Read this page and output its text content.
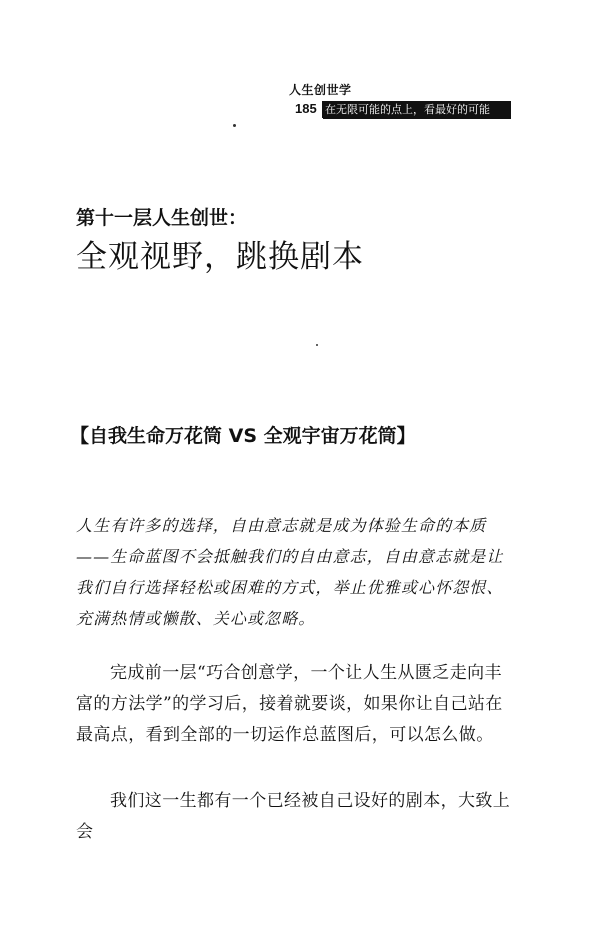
人生创世学
185 在无限可能的点上，看最好的可能
第十一层人生创世：
全观视野，跳换剧本
【自我生命万花筒 VS 全观宇宙万花筒】

人生有许多的选择，自由意志就是成为体验生命的本质——生命蓝图不会抵触我们的自由意志，自由意志就是让我们自行选择轻松或困难的方式，举止优雅或心怀怨恨、充满热情或懒散、关心或忽略。

完成前一层“巧合创意学，一个让人生从匮乏走向丰富的方法学”的学习后，接着就要谈，如果你让自己站在最高点，看到全部的一切运作总蓝图后，可以怎么做。

我们这一生都有一个已经被自己设好的剧本，大致上会
